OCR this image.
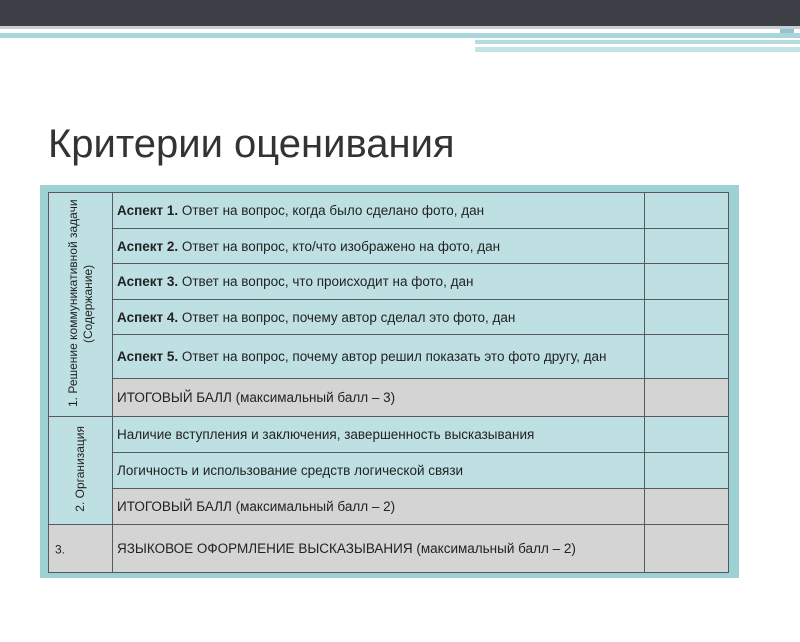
Критерии оценивания
1. Решение коммуникативной задачи (Содержание)	Аспект 1. Ответ на вопрос, когда было сделано фото, дан	
	Аспект 2. Ответ на вопрос, кто/что изображено на фото, дан	
	Аспект 3. Ответ на вопрос, что происходит на фото, дан	
	Аспект 4. Ответ на вопрос, почему автор сделал это фото, дан	
	Аспект 5. Ответ на вопрос, почему автор решил показать это фото другу, дан	
	ИТОГОВЫЙ БАЛЛ (максимальный балл – 3)	
2. Организация	Наличие вступления и заключения, завершенность высказывания	
	Логичность и использование средств логической связи	
	ИТОГОВЫЙ БАЛЛ (максимальный балл – 2)	
3.	ЯЗЫКОВОЕ ОФОРМЛЕНИЕ ВЫСКАЗЫВАНИЯ (максимальный балл – 2)	
